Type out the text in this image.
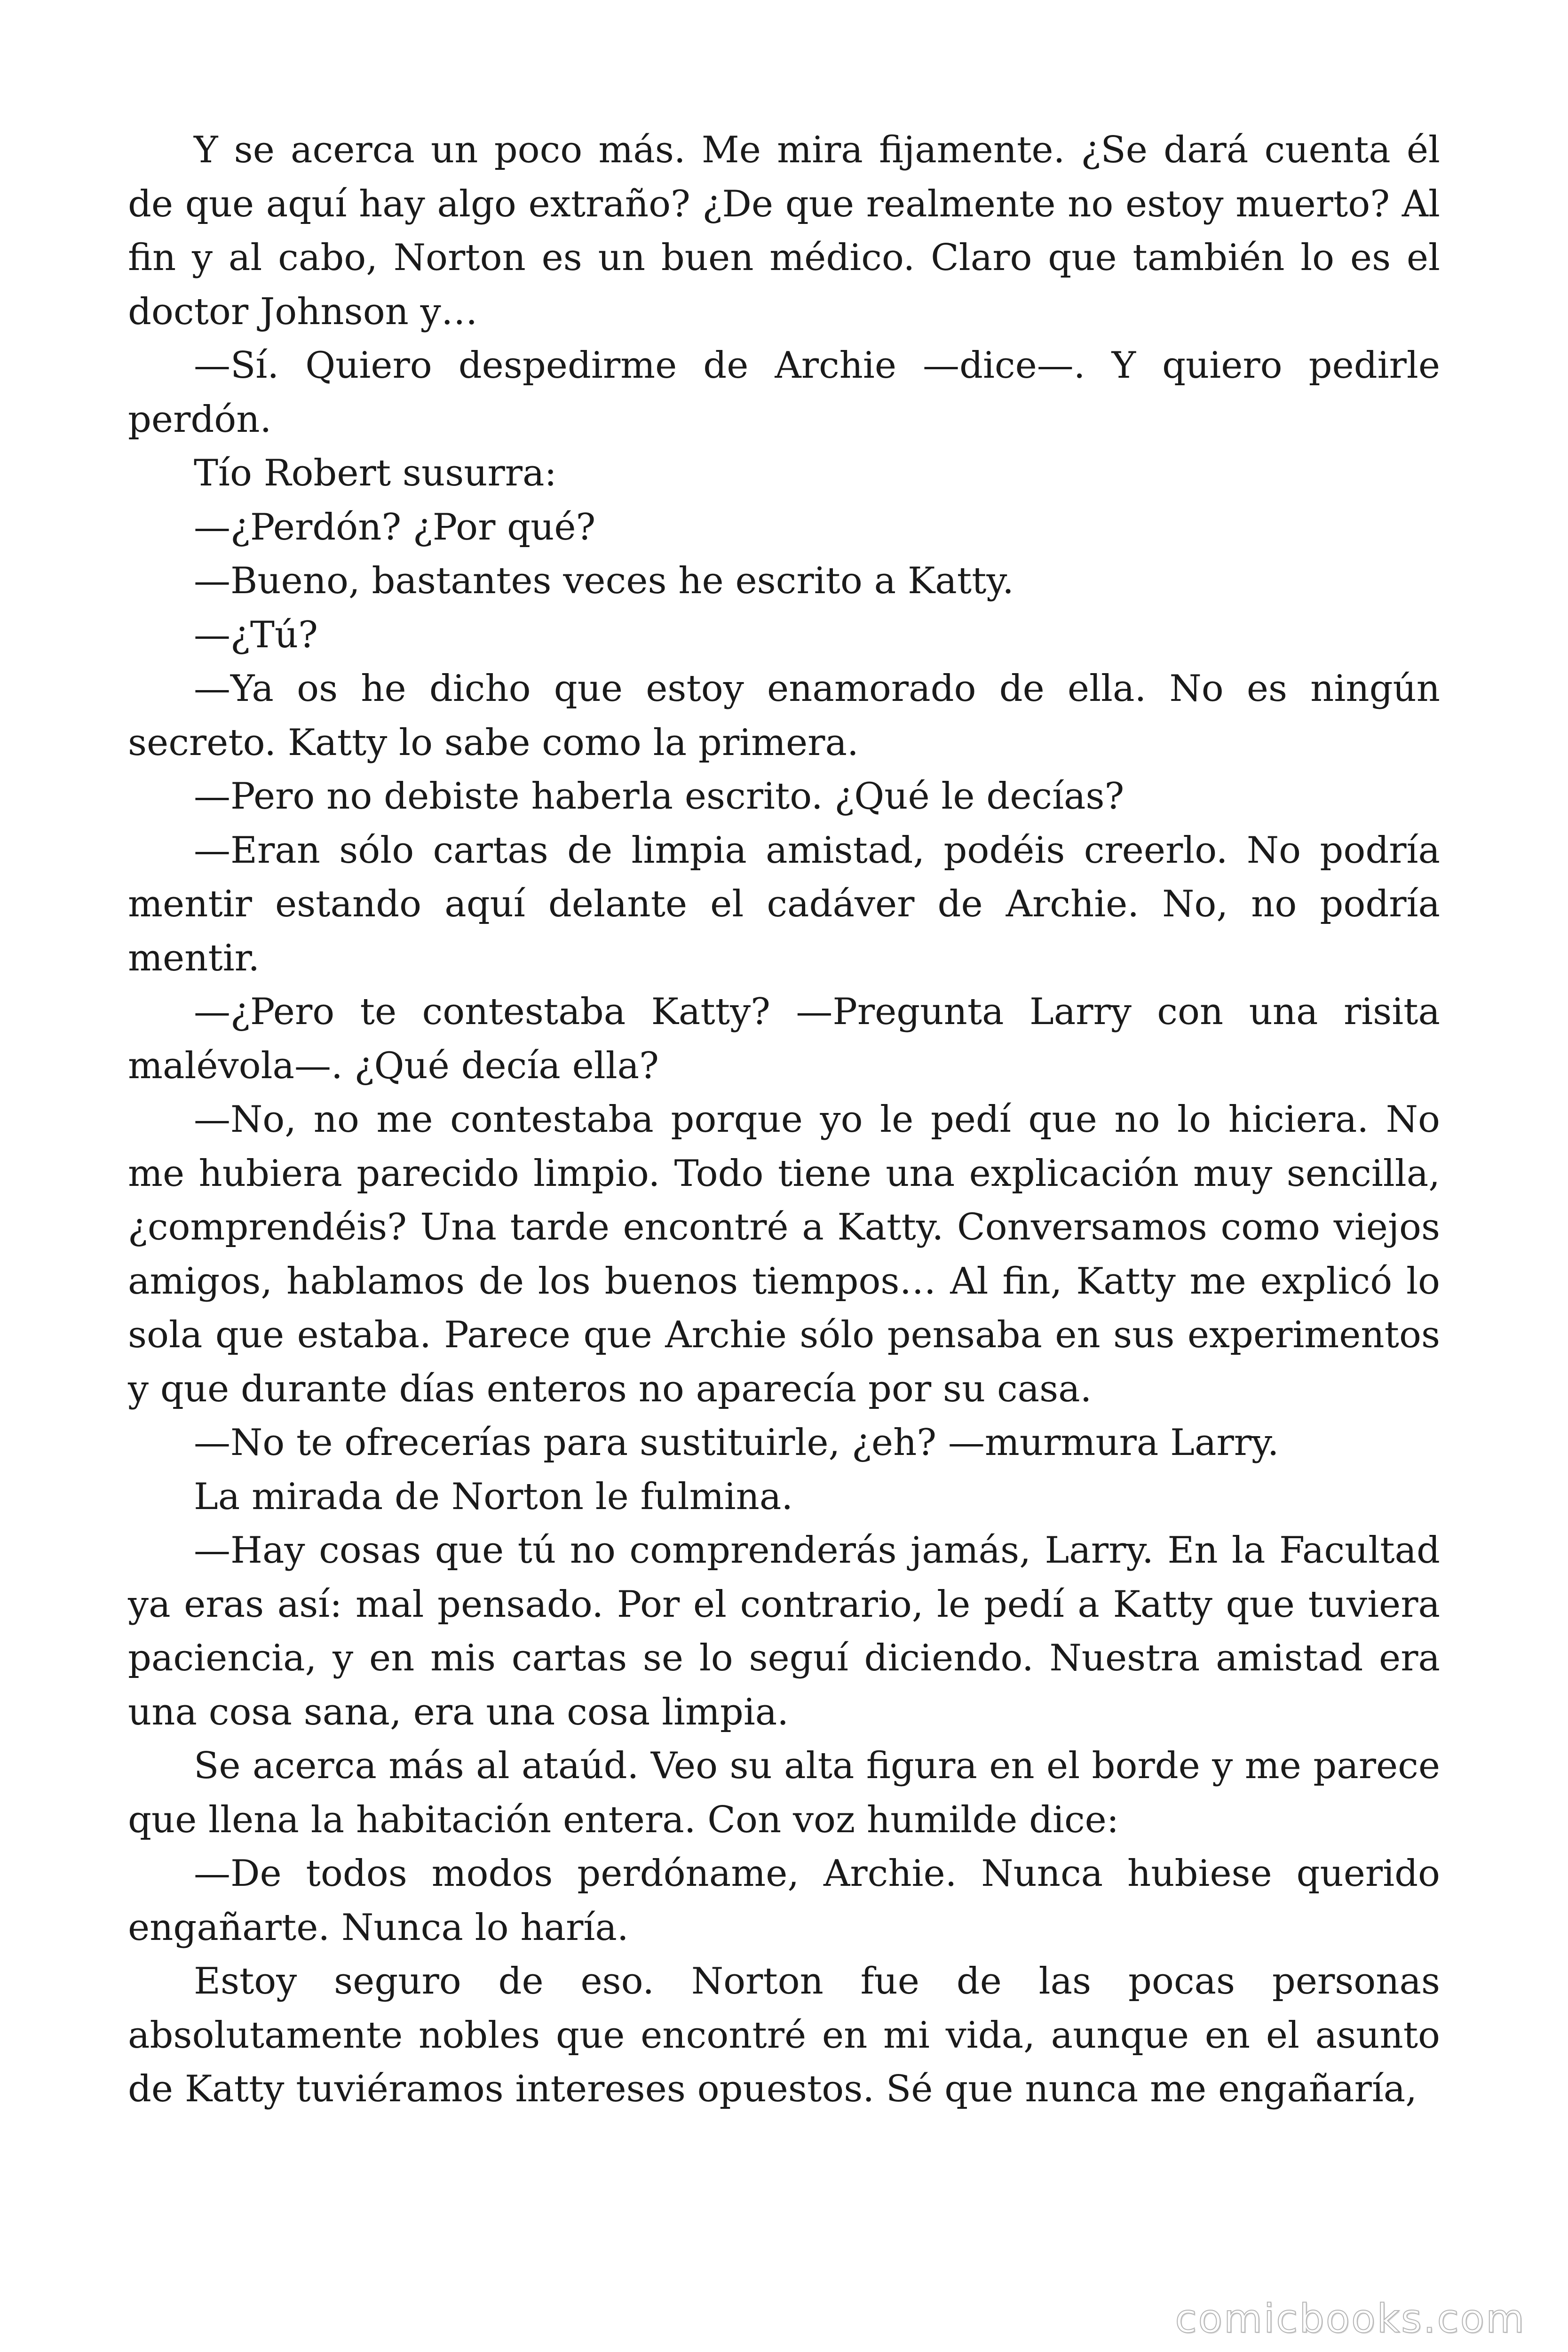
Y se acerca un poco más. Me mira fijamente. ¿Se dará cuenta él de que aquí hay algo extraño? ¿De que realmente no estoy muerto? Al fin y al cabo, Norton es un buen médico. Claro que también lo es el doctor Johnson y…

—Sí. Quiero despedirme de Archie —dice—. Y quiero pedirle perdón.

Tío Robert susurra:

—¿Perdón? ¿Por qué?

—Bueno, bastantes veces he escrito a Katty.

—¿Tú?

—Ya os he dicho que estoy enamorado de ella. No es ningún secreto. Katty lo sabe como la primera.

—Pero no debiste haberla escrito. ¿Qué le decías?

—Eran sólo cartas de limpia amistad, podéis creerlo. No podría mentir estando aquí delante el cadáver de Archie. No, no podría mentir.

—¿Pero te contestaba Katty? —Pregunta Larry con una risita malévola—. ¿Qué decía ella?

—No, no me contestaba porque yo le pedí que no lo hiciera. No me hubiera parecido limpio. Todo tiene una explicación muy sencilla, ¿comprendéis? Una tarde encontré a Katty. Conversamos como viejos amigos, hablamos de los buenos tiempos… Al fin, Katty me explicó lo sola que estaba. Parece que Archie sólo pensaba en sus experimentos y que durante días enteros no aparecía por su casa.

—No te ofrecerías para sustituirle, ¿eh? —murmura Larry.

La mirada de Norton le fulmina.

—Hay cosas que tú no comprenderás jamás, Larry. En la Facultad ya eras así: mal pensado. Por el contrario, le pedí a Katty que tuviera paciencia, y en mis cartas se lo seguí diciendo. Nuestra amistad era una cosa sana, era una cosa limpia.

Se acerca más al ataúd. Veo su alta figura en el borde y me parece que llena la habitación entera. Con voz humilde dice:

—De todos modos perdóname, Archie. Nunca hubiese querido engañarte. Nunca lo haría.

Estoy seguro de eso. Norton fue de las pocas personas absolutamente nobles que encontré en mi vida, aunque en el asunto de Katty tuviéramos intereses opuestos. Sé que nunca me engañaría,

comicbooks.com
